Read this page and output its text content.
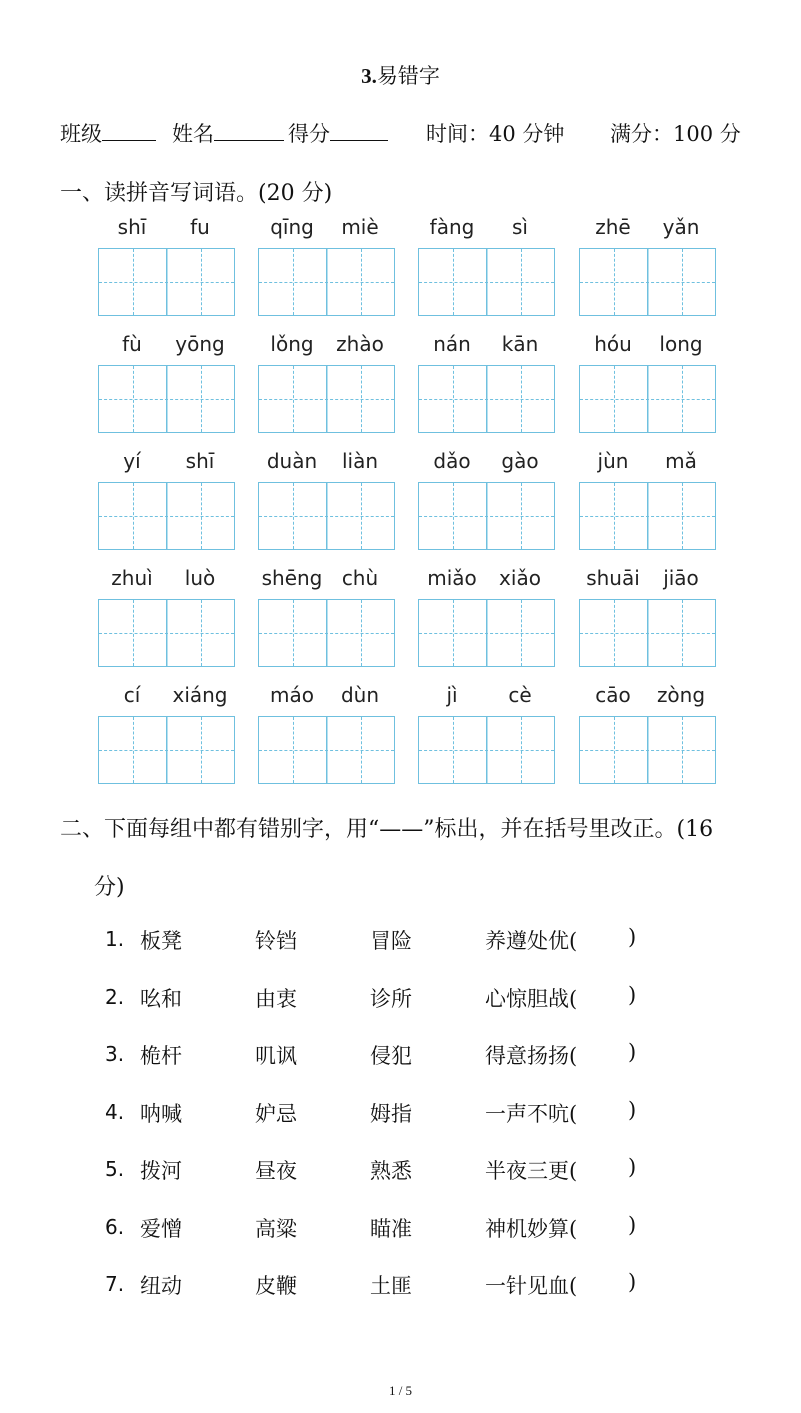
3.易错字
班级	姓名	得分	时间：40 分钟 满分：100 分
一、读拼音写词语。(20 分)
shī	fu	qīng	miè	fàng	sì	zhē	yǎn
fù	yōng	lǒng	zhào	nán	kān	hóu	long
yí	shī	duàn	liàn	dǎo	gào	jùn	mǎ
zhuì	luò	shēng chù	miǎo	xiǎo	shuāi	jiāo
cí	xiáng	máo	dùn	jì	cè	cāo	zòng
二、下面每组中都有错别字，用“——”标出，并在括号里改正。(16
分)
1. 板凳	铃铛	冒险	养遵处优( )
2. 吆和	由衷	诊所	心惊胆战( )
3. 桅杆	叽讽	侵犯	得意扬扬( )
4. 呐喊	妒忌	姆指	一声不吭( )
5. 拨河	昼夜	熟悉	半夜三更( )
6. 爱憎	高粱	瞄准	神机妙算( )
7. 纽动	皮鞭	土匪	一针见血( )
1 / 5
